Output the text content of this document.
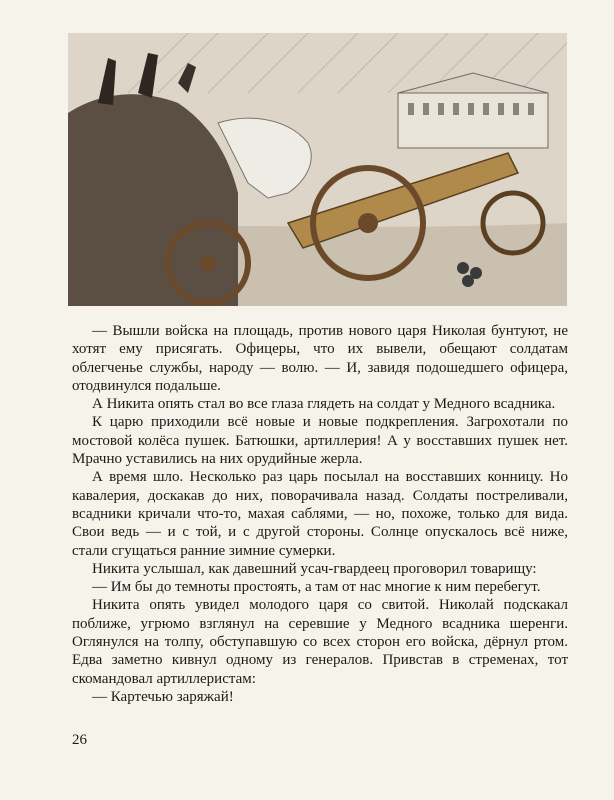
— Вышли войска на площадь, против нового царя Николая бунтуют, не хотят ему присягать. Офицеры, что их вывели, обещают солдатам облегченье службы, народу — волю. — И, завидя подошедшего офицера, отодвинулся подальше.

А Никита опять стал во все глаза глядеть на солдат у Медного всадника.

К царю приходили всё новые и новые подкрепления. Загрохотали по мостовой колёса пушек. Батюшки, артиллерия! А у восставших пушек нет. Мрачно уставились на них орудийные жерла.

А время шло. Несколько раз царь посылал на восставших конницу. Но кавалерия, доскакав до них, поворачивала назад. Солдаты постреливали, всадники кричали что-то, махая саблями, — но, похоже, только для вида. Свои ведь — и с той, и с другой стороны. Солнце опускалось всё ниже, стали сгущаться ранние зимние сумерки.

Никита услышал, как давешний усач-гвардеец проговорил товарищу:

— Им бы до темноты простоять, а там от нас многие к ним перебегут.

Никита опять увидел молодого царя со свитой. Николай подскакал поближе, угрюмо взглянул на серевшие у Медного всадника шеренги. Оглянулся на толпу, обступавшую со всех сторон его войска, дёрнул ртом. Едва заметно кивнул одному из генералов. Привстав в стременах, тот скомандовал артиллеристам:

— Картечью заряжай!

26
